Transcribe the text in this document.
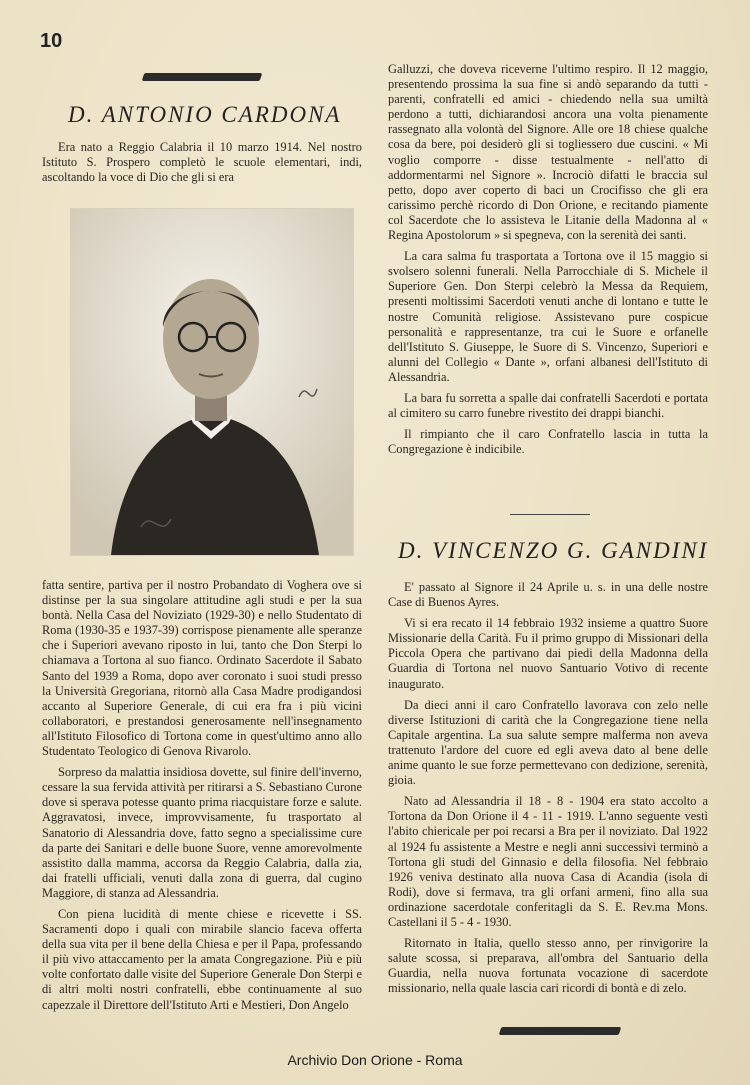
10
D. ANTONIO CARDONA

Era nato a Reggio Calabria il 10 marzo 1914. Nel nostro Istituto S. Prospero completò le scuole elementari, indi, ascoltando la voce di Dio che gli si era

fatta sentire, partiva per il nostro Probandato di Voghera ove si distinse per la sua singolare attitudine agli studi e per la sua bontà. Nella Casa del Noviziato (1929-30) e nello Studentato di Roma (1930-35 e 1937-39) corrispose pienamente alle speranze che i Superiori avevano riposto in lui, tanto che Don Sterpi lo chiamava a Tortona al suo fianco. Ordinato Sacerdote il Sabato Santo del 1939 a Roma, dopo aver coronato i suoi studi presso la Università Gregoriana, ritornò alla Casa Madre prodigandosi accanto al Superiore Generale, di cui era fra i più vicini collaboratori, e prestandosi generosamente nell'insegnamento all'Istituto Filosofico di Tortona come in quest'ultimo anno allo Studentato Teologico di Genova Rivarolo.

Sorpreso da malattia insidiosa dovette, sul finire dell'inverno, cessare la sua fervida attività per ritirarsi a S. Sebastiano Curone dove si sperava potesse quanto prima riacquistare forze e salute. Aggravatosi, invece, improvvisamente, fu trasportato al Sanatorio di Alessandria dove, fatto segno a specialissime cure da parte dei Sanitari e delle buone Suore, venne amorevolmente assistito dalla mamma, accorsa da Reggio Calabria, dalla zia, dai fratelli ufficiali, venuti dalla zona di guerra, dal cugino Maggiore, di stanza ad Alessandria.

Con piena lucidità di mente chiese e ricevette i SS. Sacramenti dopo i quali con mirabile slancio faceva offerta della sua vita per il bene della Chiesa e per il Papa, professando il più vivo attaccamento per la amata Congregazione. Più e più volte confortato dalle visite del Superiore Generale Don Sterpi e di altri molti nostri confratelli, ebbe continuamente al suo capezzale il Direttore dell'Istituto Arti e Mestieri, Don Angelo

Galluzzi, che doveva riceverne l'ultimo respiro. Il 12 maggio, presentendo prossima la sua fine si andò separando da tutti - parenti, confratelli ed amici - chiedendo nella sua umiltà perdono a tutti, dichiarandosi ancora una volta pienamente rassegnato alla volontà del Signore. Alle ore 18 chiese qualche cosa da bere, poi desiderò gli si togliessero due cuscini. « Mi voglio comporre - disse testualmente - nell'atto di addormentarmi nel Signore ». Incrociò difatti le braccia sul petto, dopo aver coperto di baci un Crocifisso che gli era carissimo perchè ricordo di Don Orione, e recitando piamente col Sacerdote che lo assisteva le Litanie della Madonna al « Regina Apostolorum » si spegneva, con la serenità dei santi.

La cara salma fu trasportata a Tortona ove il 15 maggio si svolsero solenni funerali. Nella Parrocchiale di S. Michele il Superiore Gen. Don Sterpi celebrò la Messa da Requiem, presenti moltissimi Sacerdoti venuti anche di lontano e tutte le nostre Comunità religiose. Assistevano pure cospicue personalità e rappresentanze, tra cui le Suore e orfanelle dell'Istituto S. Giuseppe, le Suore di S. Vincenzo, Superiori e alunni del Collegio « Dante », orfani albanesi dell'Istituto di Alessandria.

La bara fu sorretta a spalle dai confratelli Sacerdoti e portata al cimitero su carro funebre rivestito dei drappi bianchi.

Il rimpianto che il caro Confratello lascia in tutta la Congregazione è indicibile.

D. VINCENZO G. GANDINI

E' passato al Signore il 24 Aprile u. s. in una delle nostre Case di Buenos Ayres.

Vi si era recato il 14 febbraio 1932 insieme a quattro Suore Missionarie della Carità. Fu il primo gruppo di Missionari della Piccola Opera che partivano dai piedi della Madonna della Guardia di Tortona nel nuovo Santuario Votivo di recente inaugurato.

Da dieci anni il caro Confratello lavorava con zelo nelle diverse Istituzioni di carità che la Congregazione tiene nella Capitale argentina. La sua salute sempre malferma non aveva trattenuto l'ardore del cuore ed egli aveva dato al bene delle anime quanto le sue forze permettevano con dedizione, serenità, gioia.

Nato ad Alessandria il 18 - 8 - 1904 era stato accolto a Tortona da Don Orione il 4 - 11 - 1919. L'anno seguente vestì l'abito chiericale per poi recarsi a Bra per il noviziato. Dal 1922 al 1924 fu assistente a Mestre e negli anni successivi terminò a Tortona gli studi del Ginnasio e della filosofia. Nel febbraio 1926 veniva destinato alla nuova Casa di Acandia (isola di Rodi), dove si fermava, tra gli orfani armeni, fino alla sua ordinazione sacerdotale conferitagli da S. E. Rev.ma Mons. Castellani il 5 - 4 - 1930.

Ritornato in Italia, quello stesso anno, per rinvigorire la salute scossa, si preparava, all'ombra del Santuario della Guardia, nella nuova fortunata vocazione di sacerdote missionario, nella quale lascia cari ricordi di bontà e di zelo.

Archivio Don Orione - Roma
